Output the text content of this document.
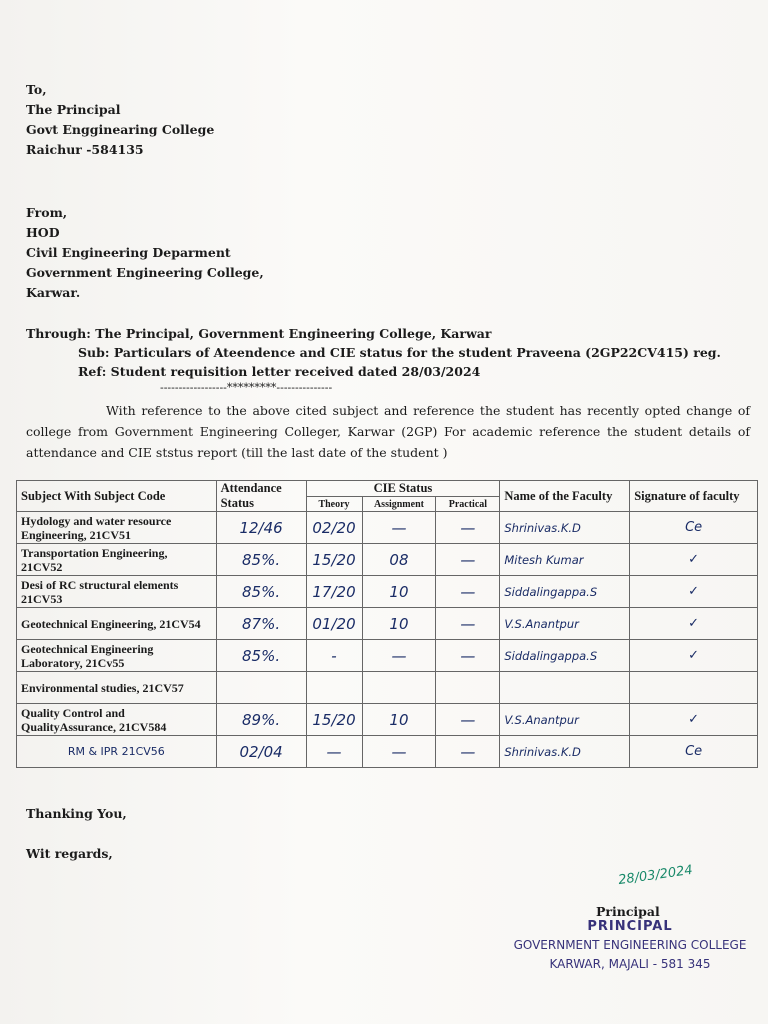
To,
The Principal
Govt Engginearing College
Raichur -584135
From,
HOD
Civil Engineering Deparment
Government Engineering College,
Karwar.
Through: The Principal, Government Engineering College, Karwar
Sub: Particulars of Ateendence and CIE status for the student Praveena (2GP22CV415) reg.
Ref: Student requisition letter received dated 28/03/2024
------------------*********---------------
With reference to the above cited subject and reference the student has recently opted change of college from Government Engineering Colleger, Karwar (2GP) For academic reference the student details of attendance and CIE ststus report (till the last date of the student )
Subject With Subject Code	Attendance Status	CIE Status			Name of the Faculty	Signature of faculty
		Theory	Assignment	Practical		
Hydology and water resource Engineering, 21CV51	12/46	02/20	—	—	Shrinivas.K.D	Ce
Transportation Engineering, 21CV52	85%.	15/20	08	—	Mitesh Kumar	✓
Desi of RC structural elements 21CV53	85%.	17/20	10	—	Siddalingappa.S	✓
Geotechnical Engineering, 21CV54	87%.	01/20	10	—	V.S.Anantpur	✓
Geotechnical Engineering Laboratory, 21Cv55	85%.	-	—	—	Siddalingappa.S	✓
Environmental studies, 21CV57						
Quality Control and QualityAssurance, 21CV584	89%.	15/20	10	—	V.S.Anantpur	✓
RM & IPR 21CV56	02/04	—	—	—	Shrinivas.K.D	Ce
Thanking You,
Wit regards,
28/03/2024
Principal
PRINCIPAL
GOVERNMENT ENGINEERING COLLEGE
KARWAR, MAJALI - 581 345
